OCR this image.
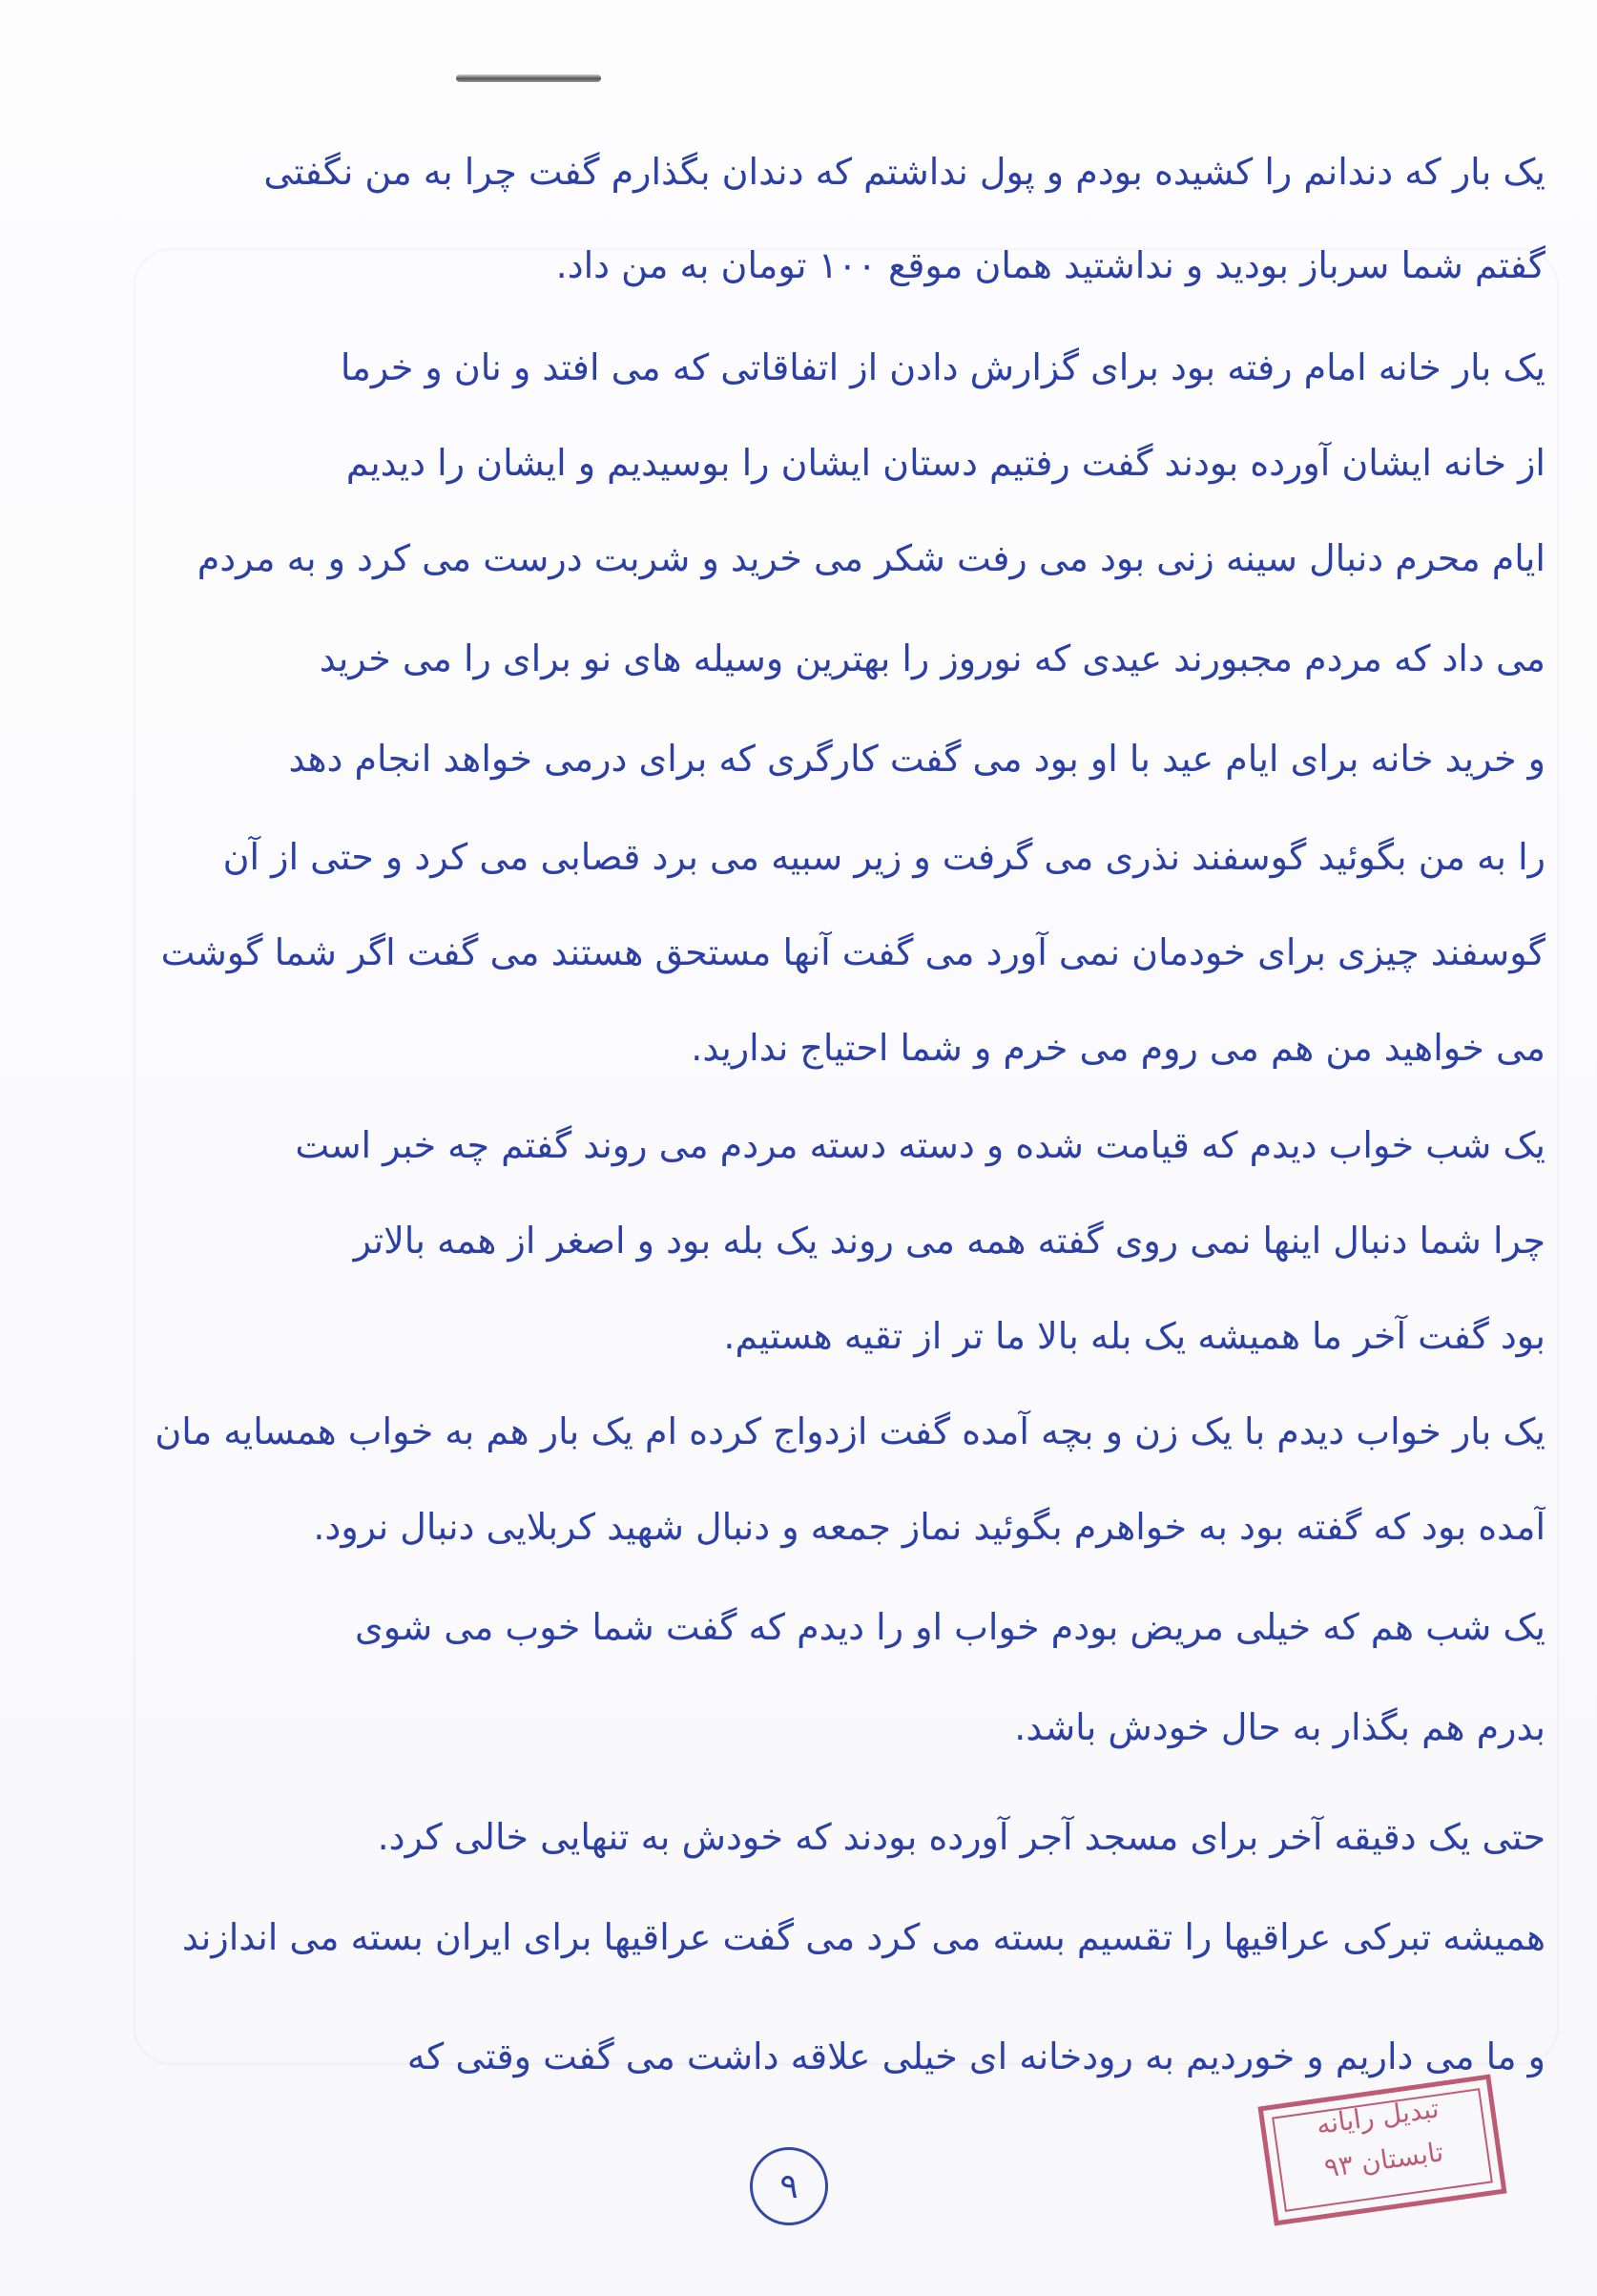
یک بار که دندانم را کشیده بودم و پول نداشتم که دندان بگذارم گفت چرا به من نگفتی
گفتم شما سرباز بودید و نداشتید همان موقع ۱۰۰ تومان به من داد.
یک بار خانه امام رفته بود برای گزارش دادن از اتفاقاتی که می افتد و نان و خرما
از خانه ایشان آورده بودند گفت رفتیم دستان ایشان را بوسیدیم و ایشان را دیدیم
ایام محرم دنبال سینه زنی بود می رفت شکر می خرید و شربت درست می کرد و به مردم
می داد که مردم مجبورند عیدی که نوروز را بهترین وسیله های نو برای را می خرید
و خرید خانه برای ایام عید با او بود می گفت کارگری که برای درمی خواهد انجام دهد
را به من بگوئید گوسفند نذری می گرفت و زیر سبیه می برد قصابی می کرد و حتی از آن
گوسفند چیزی برای خودمان نمی آورد می گفت آنها مستحق هستند می گفت اگر شما گوشت
می خواهید من هم می روم می خرم و شما احتیاج ندارید.
یک شب خواب دیدم که قیامت شده و دسته دسته مردم می روند گفتم چه خبر است
چرا شما دنبال اینها نمی روی گفته همه می روند یک بله بود و اصغر از همه بالاتر
بود گفت آخر ما همیشه یک بله بالا ما تر از تقیه هستیم.
یک بار خواب دیدم با یک زن و بچه آمده گفت ازدواج کرده ام یک بار هم به خواب همسایه مان
آمده بود که گفته بود به خواهرم بگوئید نماز جمعه و دنبال شهید کربلایی دنبال نرود.
یک شب هم که خیلی مریض بودم خواب او را دیدم که گفت شما خوب می شوی
بدرم هم بگذار به حال خودش باشد.
حتی یک دقیقه آخر برای مسجد آجر آورده بودند که خودش به تنهایی خالی کرد.
همیشه تبرکی عراقیها را تقسیم بسته می کرد می گفت عراقیها برای ایران بسته می اندازند
و ما می داریم و خوردیم به رودخانه ای خیلی علاقه داشت می گفت وقتی که
۹
تبدیل رایانه
تابستان ۹۳
